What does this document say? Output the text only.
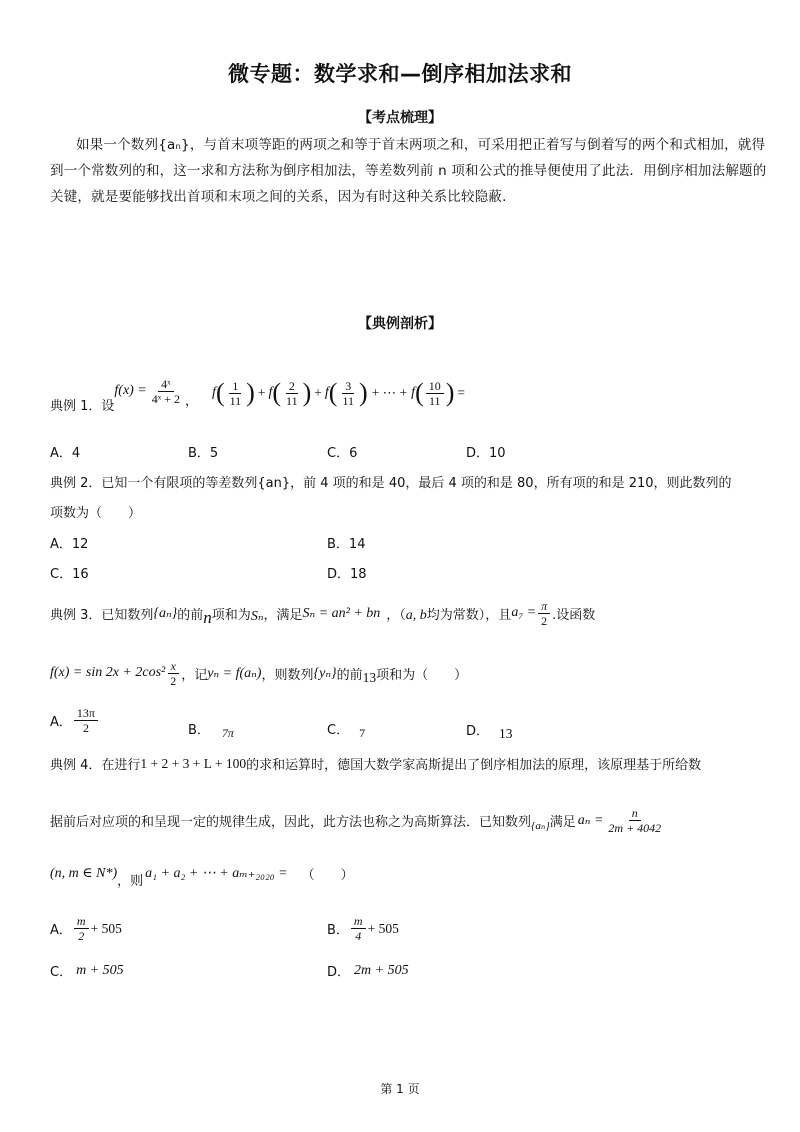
微专题：数学求和—倒序相加法求和
【考点梳理】
如果一个数列{aₙ}，与首末项等距的两项之和等于首末两项之和，可采用把正着写与倒着写的两个和式相加，就得到一个常数列的和，这一求和方法称为倒序相加法，等差数列前 n 项和公式的推导便使用了此法．用倒序相加法解题的关键，就是要能够找出首项和末项之间的关系，因为有时这种关系比较隐蔽.
【典例剖析】
典例 1．设
$f(x) = \frac{\text{4ˣ}}{\text{4ˣ + 2}}$ ，
f ( $\frac{1}{11}$ ) + f ( $\frac{2}{11}$ ) + f ( $\frac{3}{11}$ ) + ⋯ + f ( $\frac{10}{11}$ ) =
A．4	B．5	C．6	D．10
典例 2．已知一个有限项的等差数列{an}，前 4 项的和是 40，最后 4 项的和是 80，所有项的和是 210，则此数列的
项数为（　　）
A．12	B．14
C．16	D．18
典例 3．已知数列 {aₙ} 的前 n 项和为 Sₙ ，满足 Sₙ = an² + bn ，（ a, b 均为常数），且 $a_7 = \frac{\pi}{2}$ .设函数
$f(x) = \sin 2x + 2\cos^2 \frac{x}{2}$ ，记 yₙ = f(aₙ) ，则数列 {yₙ} 的前 13 项和为（　　）
A． $\frac{13\pi}{2}$	B． 7π	C． 7	D． 13
典例 4．在进行 1 + 2 + 3 + L + 100 的求和运算时，德国大数学家高斯提出了倒序相加法的原理，该原理基于所给数
据前后对应项的和呈现一定的规律生成，因此，此方法也称之为高斯算法．已知数列 {aₙ} 满足 $a_n = \frac{n}{2m + 4042}$
(n, m ∈ N*)
，则
a₁ + a₂ + ⋯ + aₘ₊₂₀₂₀ = （　　）
A． $\frac{m}{2} + 505$	B． $\frac{m}{4} + 505$
C． m + 505	D． 2m + 505
第 1 页
